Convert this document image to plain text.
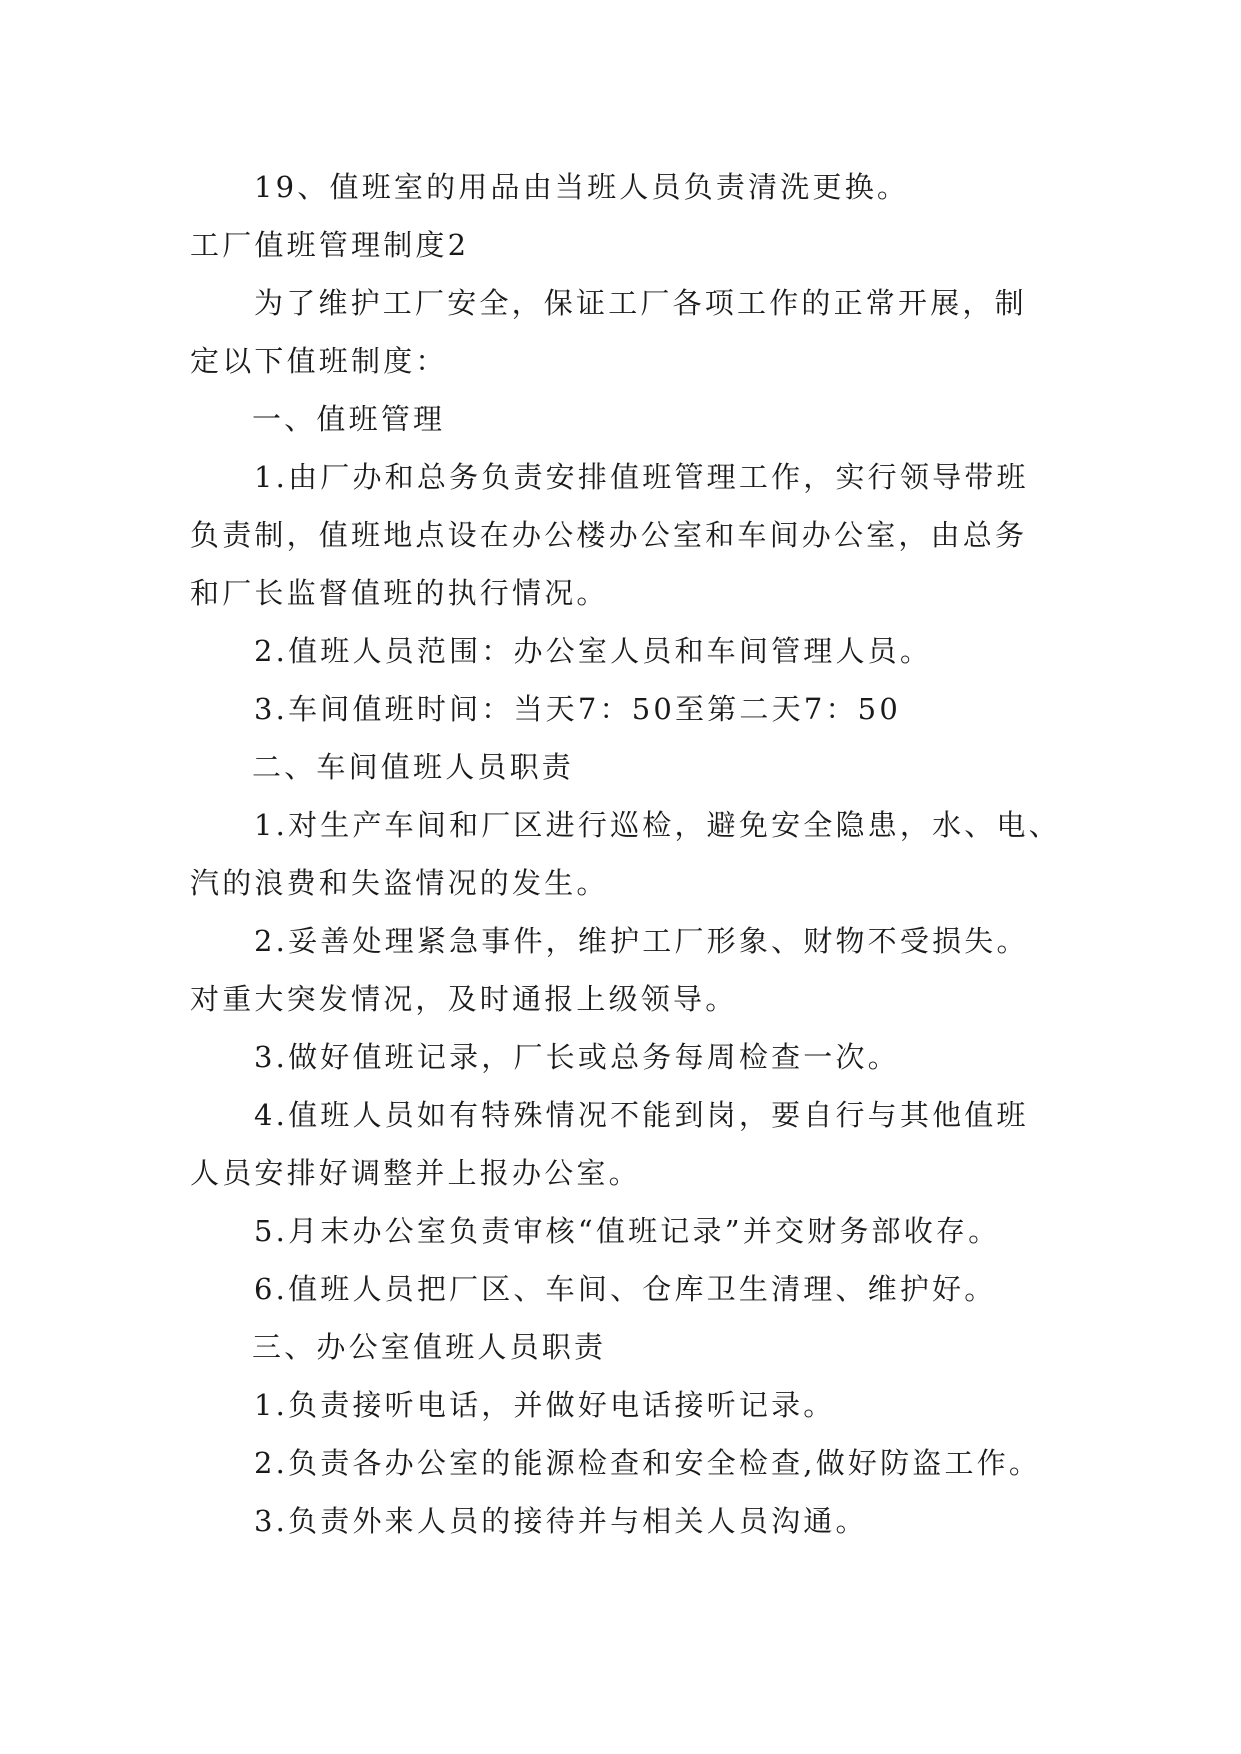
19、值班室的用品由当班人员负责清洗更换。
工厂值班管理制度2
为了维护工厂安全，保证工厂各项工作的正常开展，制
定以下值班制度：
一、值班管理
1.由厂办和总务负责安排值班管理工作，实行领导带班
负责制，值班地点设在办公楼办公室和车间办公室，由总务
和厂长监督值班的执行情况。
2.值班人员范围：办公室人员和车间管理人员。
3.车间值班时间：当天7：50至第二天7：50
二、车间值班人员职责
1.对生产车间和厂区进行巡检，避免安全隐患，水、电、
汽的浪费和失盗情况的发生。
2.妥善处理紧急事件，维护工厂形象、财物不受损失。
对重大突发情况，及时通报上级领导。
3.做好值班记录，厂长或总务每周检查一次。
4.值班人员如有特殊情况不能到岗，要自行与其他值班
人员安排好调整并上报办公室。
5.月末办公室负责审核“值班记录”并交财务部收存。
6.值班人员把厂区、车间、仓库卫生清理、维护好。
三、办公室值班人员职责
1.负责接听电话，并做好电话接听记录。
2.负责各办公室的能源检查和安全检查,做好防盗工作。
3.负责外来人员的接待并与相关人员沟通。
